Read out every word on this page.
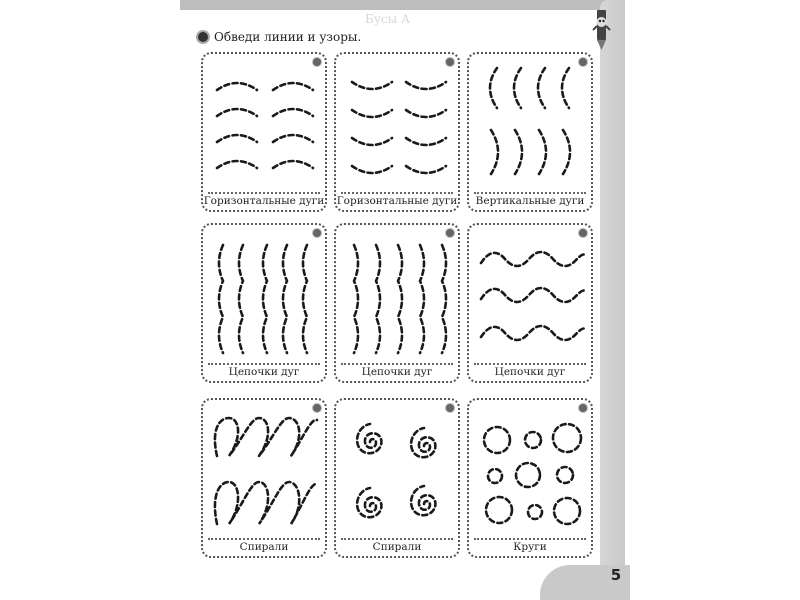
5
Бусы А
Обведи линии и узоры.
Горизонтальные дуги Горизонтальные дуги	Вертикальные дуги
Цепочки дуг	Цепочки дуг	Цепочки дуг
Спирали	Спирали	Круги
